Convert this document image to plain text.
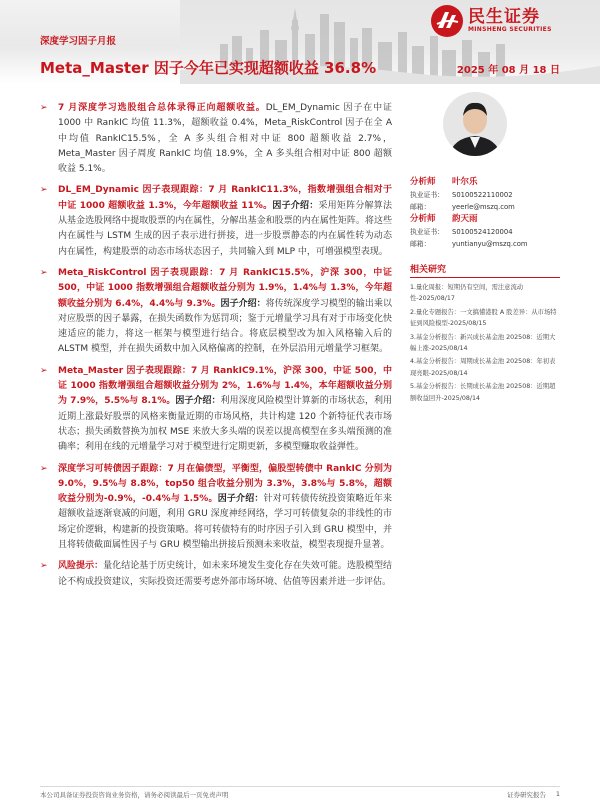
民生证券
MINSHENG SECURITIES
深度学习因子月报
Meta_Master 因子今年已实现超额收益 36.8%	2025 年 08 月 18 日
➢ 7 月深度学习选股组合总体录得正向超额收益。DL_EM_Dynamic 因子在中证 1000 中 RankIC 均值 11.3%，超额收益 0.4%，Meta_RiskControl 因子在全 A 中均值 RankIC15.5%，全 A 多头组合相对中证 800 超额收益 2.7%，Meta_Master 因子周度 RankIC 均值 18.9%，全 A 多头组合相对中证 800 超额收益 5.1%。
➢ DL_EM_Dynamic 因子表现跟踪：7 月 RankIC11.3%，指数增强组合相对于中证 1000 超额收益 1.3%，今年超额收益 11%。因子介绍：采用矩阵分解算法从基金选股网络中提取股票的内在属性，分解出基金和股票的内在属性矩阵。将这些内在属性与 LSTM 生成的因子表示进行拼接，进一步股票静态的内在属性转为动态内在属性，构建股票的动态市场状态因子，共同输入到 MLP 中，可增强模型表现。
➢ Meta_RiskControl 因子表现跟踪：7 月 RankIC15.5%，沪深 300，中证 500，中证 1000 指数增强组合超额收益分别为 1.9%，1.4%与 1.3%，今年超额收益分别为 6.4%，4.4%与 9.3%。因子介绍：将传统深度学习模型的输出乘以对应股票的因子暴露，在损失函数作为惩罚项；鉴于元增量学习具有对于市场变化快速适应的能力，将这一框架与模型进行结合。将底层模型改为加入风格输入后的 ALSTM 模型，并在损失函数中加入风格偏离的控制，在外层沿用元增量学习框架。
➢ Meta_Master 因子表现跟踪：7 月 RankIC9.1%，沪深 300，中证 500，中证 1000 指数增强组合超额收益分别为 2%，1.6%与 1.4%，本年超额收益分别为 7.9%，5.5%与 8.1%。因子介绍：利用深度风险模型计算新的市场状态，利用近期上涨最好股票的风格来衡量近期的市场风格，共计构建 120 个新特征代表市场状态；损失函数替换为加权 MSE 来放大多头端的误差以提高模型在多头端预测的准确率；利用在线的元增量学习对于模型进行定期更新，多模型赚取收益弹性。
➢ 深度学习可转债因子跟踪：7 月在偏债型，平衡型，偏股型转债中 RankIC 分别为 9.0%，9.5%与 8.8%，top50 组合收益分别为 3.3%，3.8%与 5.8%，超额收益分别为-0.9%，-0.4%与 1.5%。因子介绍：针对可转债传统投资策略近年来超额收益逐渐衰减的问题，利用 GRU 深度神经网络，学习可转债复杂的非线性的市场定价逻辑，构建新的投资策略。将可转债特有的时序因子引入到 GRU 模型中，并且将转债截面属性因子与 GRU 模型输出拼接后预测未来收益，模型表现提升显著。
➢ 风险提示：量化结论基于历史统计，如未来环境发生变化存在失效可能。选股模型结论不构成投资建议，实际投资还需要考虑外部市场环境、估值等因素并进一步评估。
分析师	叶尔乐
执业证书：	S0100522110002
邮箱：	yeerle@mszq.com
分析师	韵天雨
执业证书：	S0100524120004
邮箱：	yuntianyu@mszq.com
相关研究
1.量化周报：短期仍有空间，需注意流动性-2025/08/17
2.量化专题报告：一文搞懂港股 A 股差异：从市场特征到风险模型-2025/08/15
3.基金分析报告：新兴成长基金池 202508：近期大幅上涨-2025/08/14
4.基金分析报告：周期成长基金池 202508：年初表现亮眼-2025/08/14
5.基金分析报告：长期成长基金池 202508：近期超额收益回升-2025/08/14
本公司具备证券投资咨询业务资格，请务必阅读最后一页免责声明	证券研究报告 1
